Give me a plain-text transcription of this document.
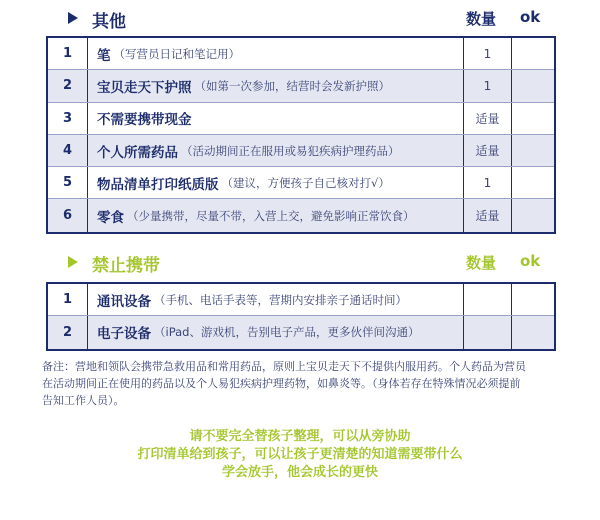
其他	数量 ok
1	笔 （写营员日记和笔记用）	1
2	宝贝走天下护照 （如第一次参加，结营时会发新护照）	1
3	不需要携带现金	适量
4	个人所需药品 （活动期间正在服用或易犯疾病护理药品）	适量
5	物品清单打印纸质版 （建议，方便孩子自己核对打√）	1
6	零食 （少量携带，尽量不带，入营上交，避免影响正常饮食）	适量
禁止携带	数量 ok
1	通讯设备 （手机、电话手表等，营期内安排亲子通话时间）
2	电子设备 （iPad、游戏机，告别电子产品，更多伙伴间沟通）
备注：营地和领队会携带急救用品和常用药品，原则上宝贝走天下不提供内服用药。个人药品为营员
在活动期间正在使用的药品以及个人易犯疾病护理药物，如鼻炎等。（身体若存在特殊情况必须提前
告知工作人员）。
请不要完全替孩子整理，可以从旁协助
打印清单给到孩子，可以让孩子更清楚的知道需要带什么
学会放手，他会成长的更快
